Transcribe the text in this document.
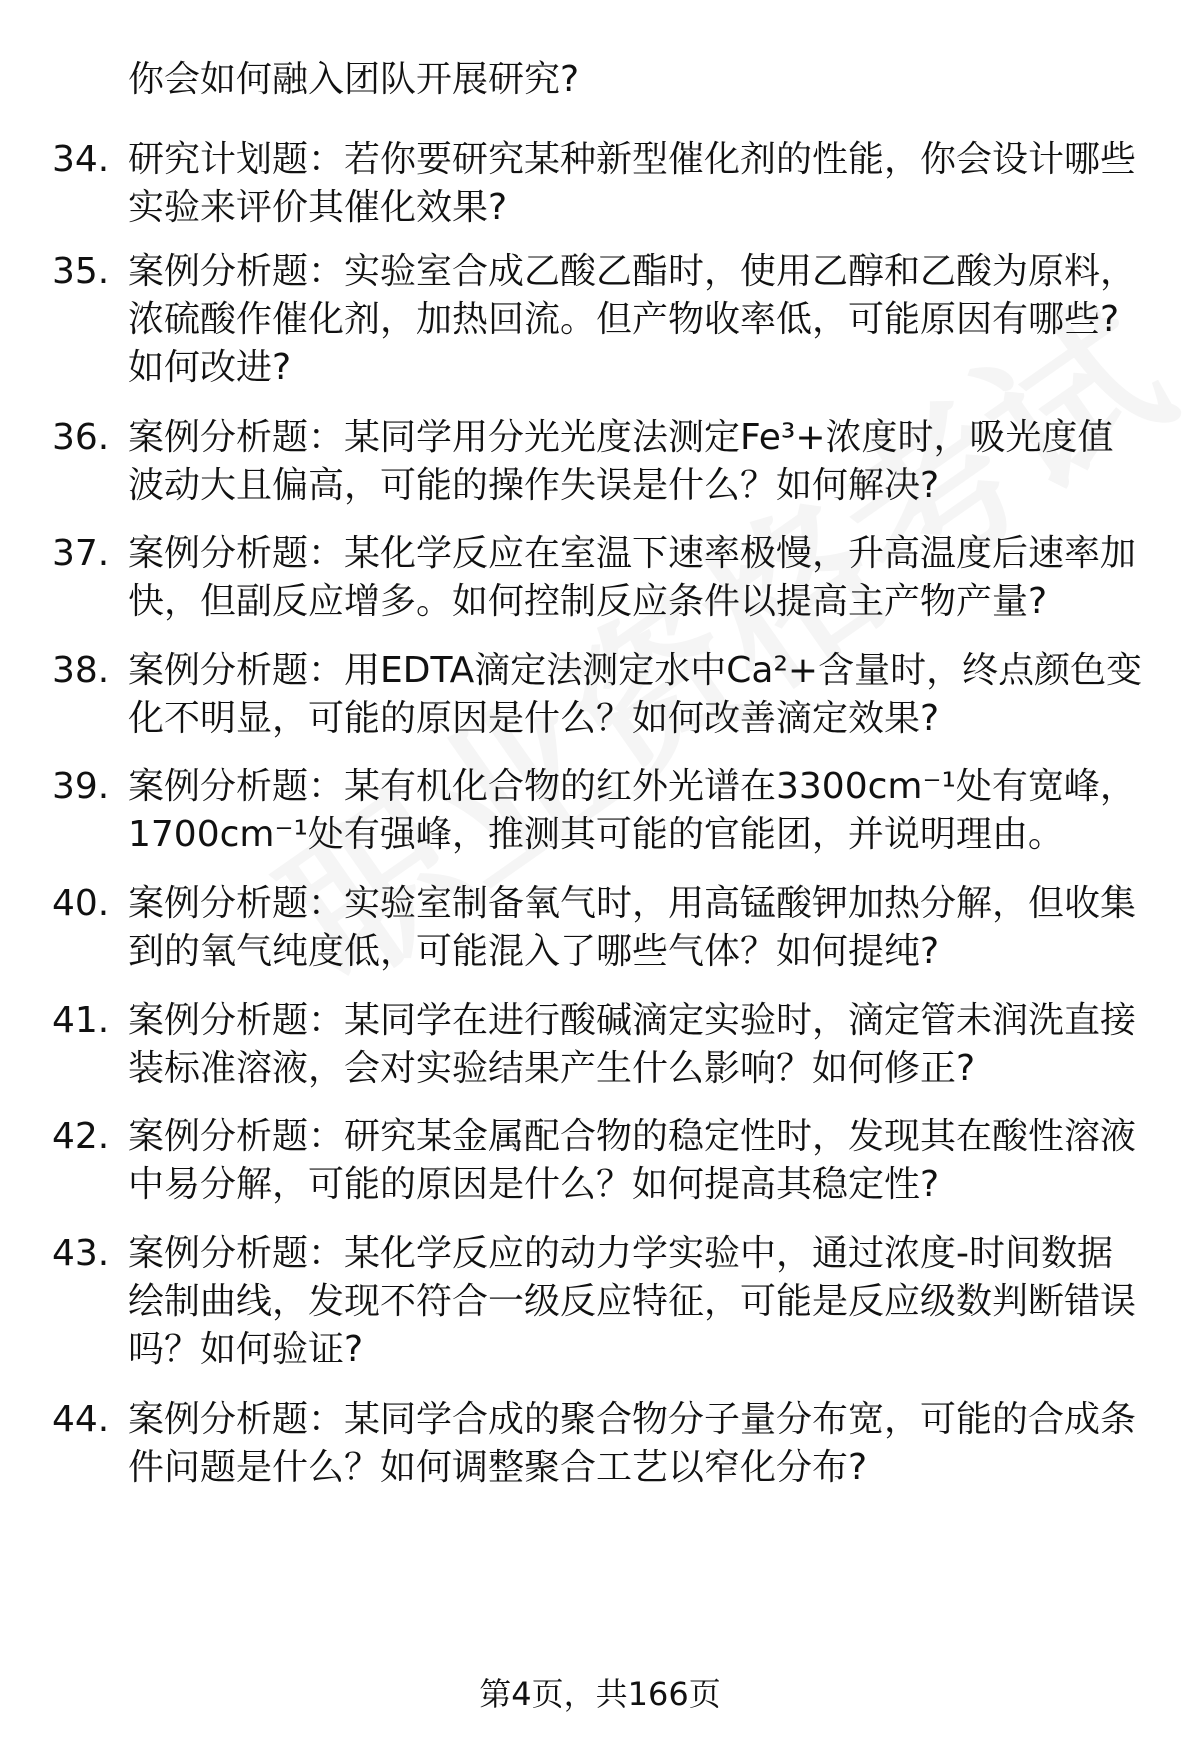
你会如何融入团队开展研究?
34. 研究计划题：若你要研究某种新型催化剂的性能，你会设计哪些实验来评价其催化效果?
35. 案例分析题：实验室合成乙酸乙酯时，使用乙醇和乙酸为原料，浓硫酸作催化剂，加热回流。但产物收率低，可能原因有哪些?如何改进?
36. 案例分析题：某同学用分光光度法测定Fe³+浓度时，吸光度值波动大且偏高，可能的操作失误是什么？如何解决?
37. 案例分析题：某化学反应在室温下速率极慢，升高温度后速率加快，但副反应增多。如何控制反应条件以提高主产物产量?
38. 案例分析题：用EDTA滴定法测定水中Ca²+含量时，终点颜色变化不明显，可能的原因是什么？如何改善滴定效果?
39. 案例分析题：某有机化合物的红外光谱在3300cm⁻¹处有宽峰，1700cm⁻¹处有强峰，推测其可能的官能团，并说明理由。
40. 案例分析题：实验室制备氧气时，用高锰酸钾加热分解，但收集到的氧气纯度低，可能混入了哪些气体？如何提纯?
41. 案例分析题：某同学在进行酸碱滴定实验时，滴定管未润洗直接装标准溶液，会对实验结果产生什么影响？如何修正?
42. 案例分析题：研究某金属配合物的稳定性时，发现其在酸性溶液中易分解，可能的原因是什么？如何提高其稳定性?
43. 案例分析题：某化学反应的动力学实验中，通过浓度-时间数据绘制曲线，发现不符合一级反应特征，可能是反应级数判断错误吗？如何验证?
44. 案例分析题：某同学合成的聚合物分子量分布宽，可能的合成条件问题是什么？如何调整聚合工艺以窄化分布?
第4页，共166页
